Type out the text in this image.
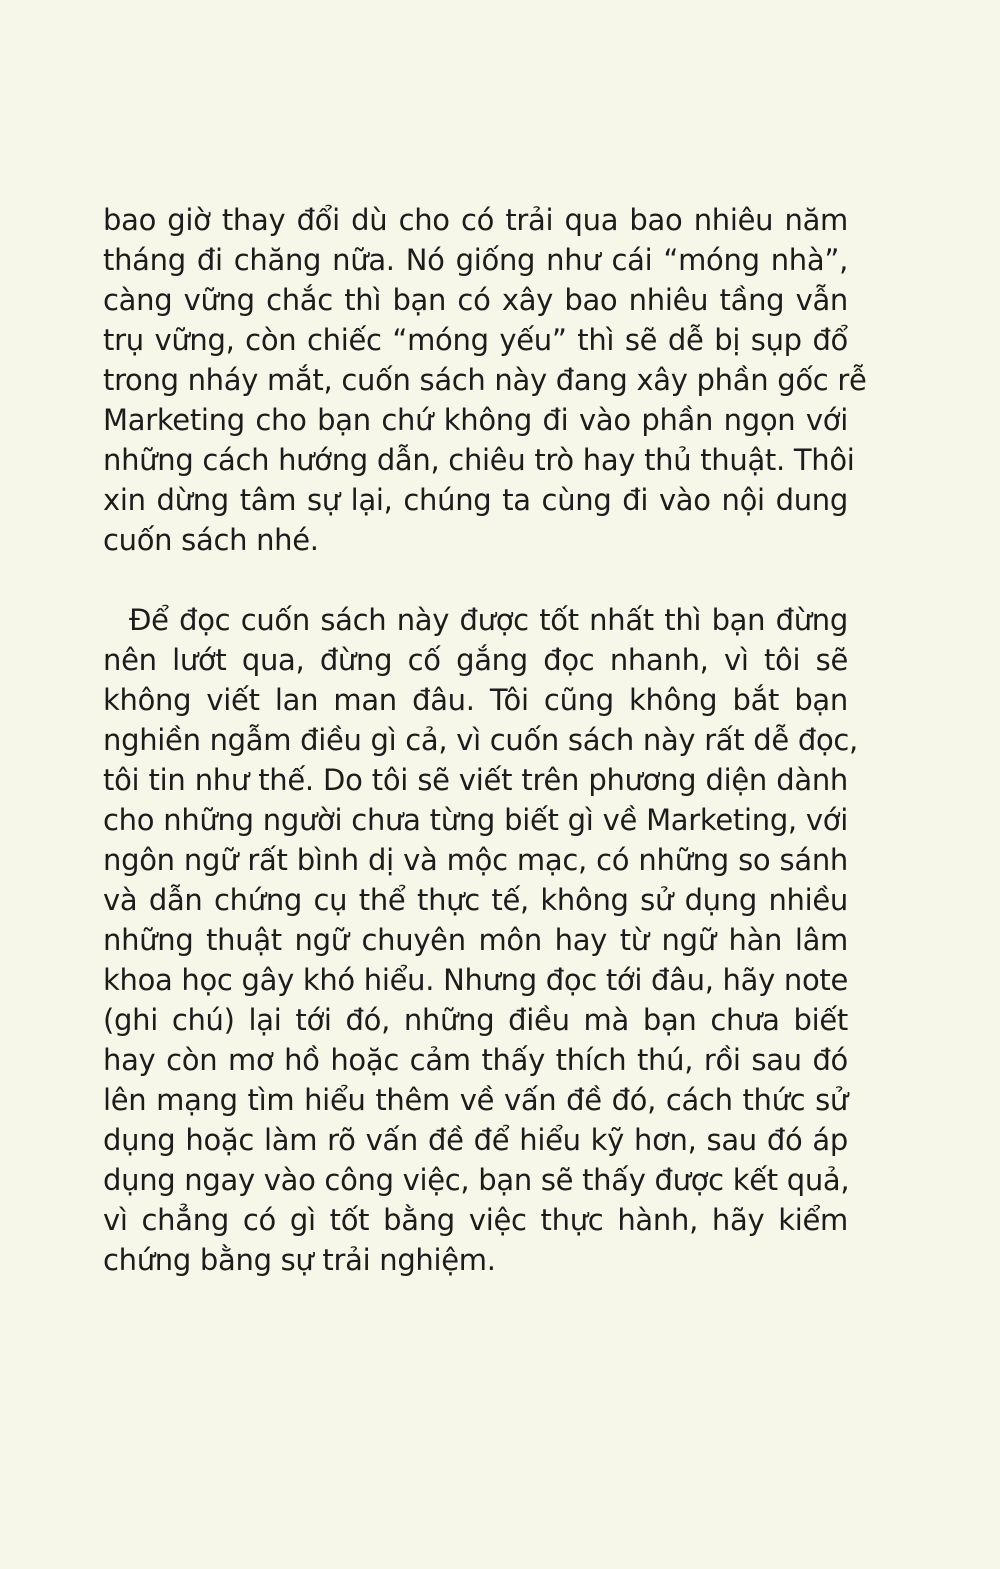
bao giờ thay đổi dù cho có trải qua bao nhiêu năm
tháng đi chăng nữa. Nó giống như cái “móng nhà”,
càng vững chắc thì bạn có xây bao nhiêu tầng vẫn
trụ vững, còn chiếc “móng yếu” thì sẽ dễ bị sụp đổ
trong nháy mắt, cuốn sách này đang xây phần gốc rễ
Marketing cho bạn chứ không đi vào phần ngọn với
những cách hướng dẫn, chiêu trò hay thủ thuật. Thôi
xin dừng tâm sự lại, chúng ta cùng đi vào nội dung
cuốn sách nhé.
Để đọc cuốn sách này được tốt nhất thì bạn đừng
nên lướt qua, đừng cố gắng đọc nhanh, vì tôi sẽ
không viết lan man đâu. Tôi cũng không bắt bạn
nghiền ngẫm điều gì cả, vì cuốn sách này rất dễ đọc,
tôi tin như thế. Do tôi sẽ viết trên phương diện dành
cho những người chưa từng biết gì về Marketing, với
ngôn ngữ rất bình dị và mộc mạc, có những so sánh
và dẫn chứng cụ thể thực tế, không sử dụng nhiều
những thuật ngữ chuyên môn hay từ ngữ hàn lâm
khoa học gây khó hiểu. Nhưng đọc tới đâu, hãy note
(ghi chú) lại tới đó, những điều mà bạn chưa biết
hay còn mơ hồ hoặc cảm thấy thích thú, rồi sau đó
lên mạng tìm hiểu thêm về vấn đề đó, cách thức sử
dụng hoặc làm rõ vấn đề để hiểu kỹ hơn, sau đó áp
dụng ngay vào công việc, bạn sẽ thấy được kết quả,
vì chẳng có gì tốt bằng việc thực hành, hãy kiểm
chứng bằng sự trải nghiệm.
